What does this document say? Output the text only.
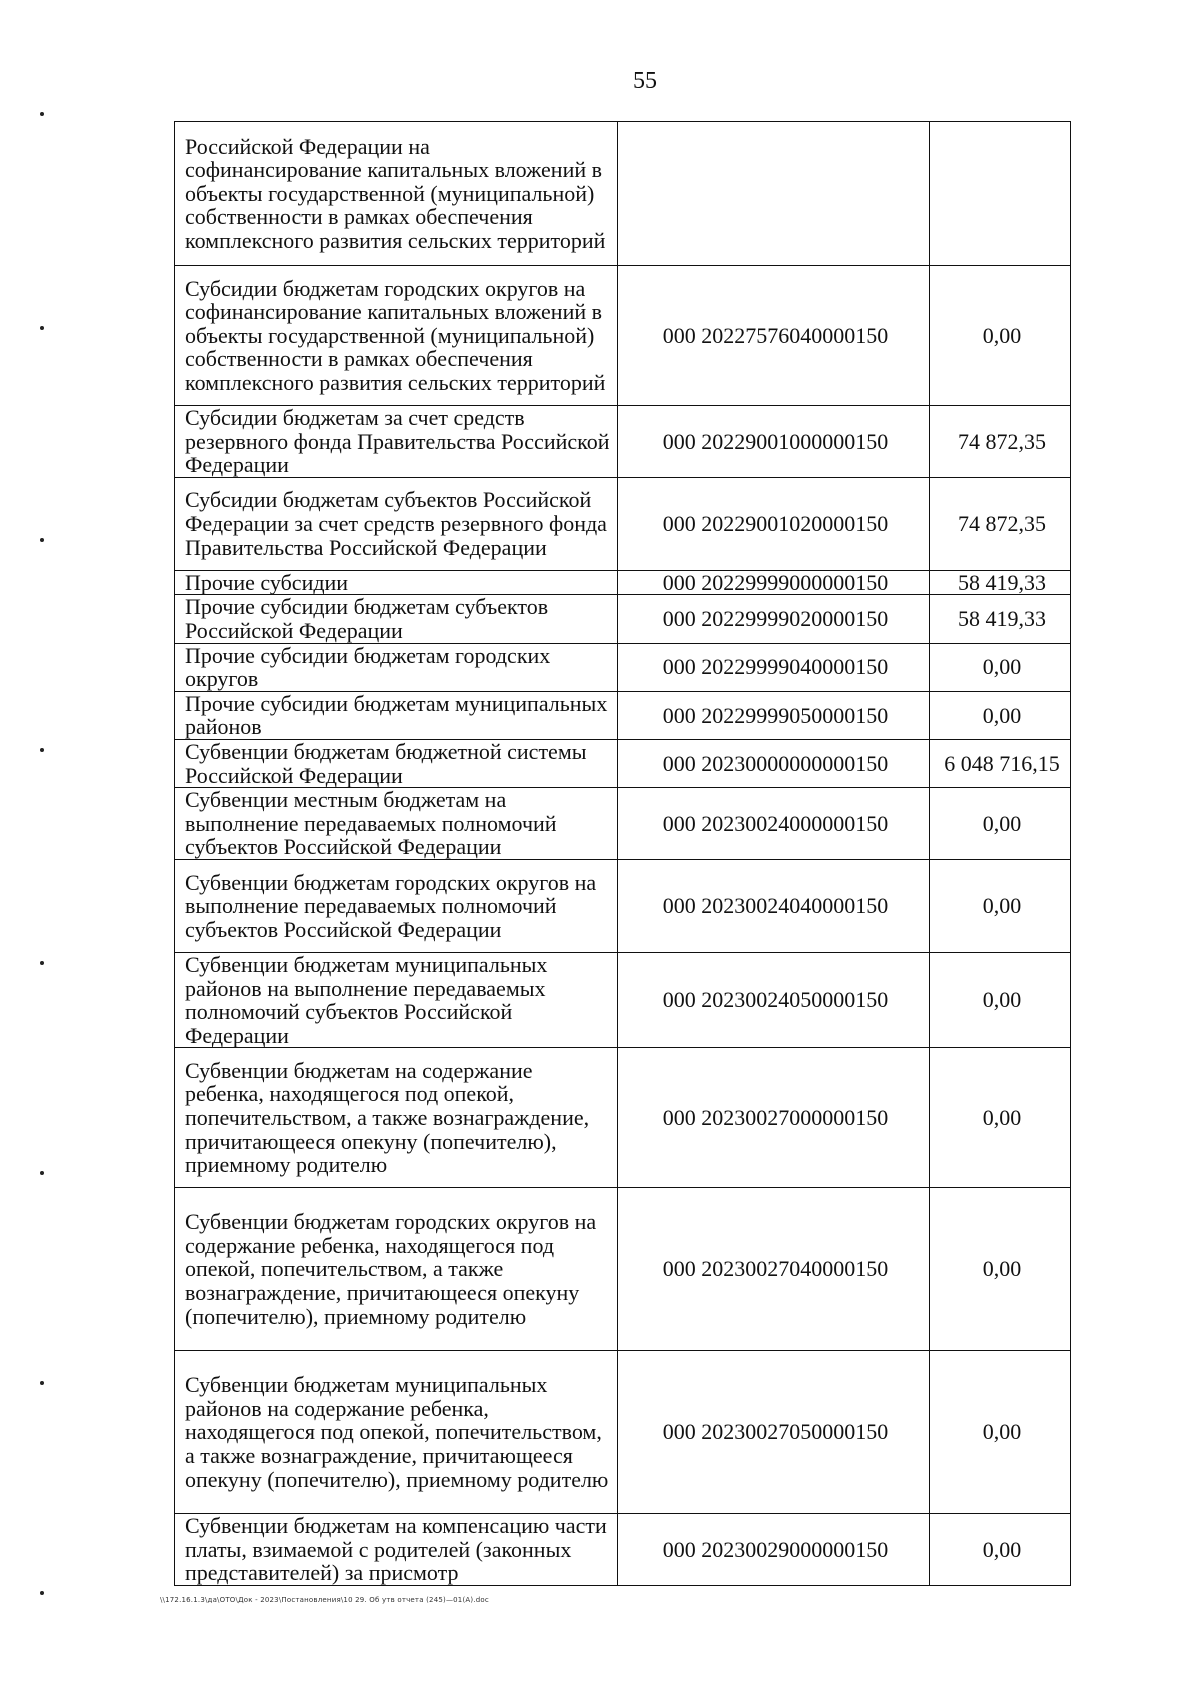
55
Российской Федерации на софинансирование капитальных вложений в объекты государственной (муниципальной) собственности в рамках обеспечения комплексного развития сельских территорий		
Субсидии бюджетам городских округов на софинансирование капитальных вложений в объекты государственной (муниципальной) собственности в рамках обеспечения комплексного развития сельских территорий	000 20227576040000150	0,00
Субсидии бюджетам за счет средств резервного фонда Правительства Российской Федерации	000 20229001000000150	74 872,35
Субсидии бюджетам субъектов Российской Федерации за счет средств резервного фонда Правительства Российской Федерации	000 20229001020000150	74 872,35
Прочие субсидии	000 20229999000000150	58 419,33
Прочие субсидии бюджетам субъектов Российской Федерации	000 20229999020000150	58 419,33
Прочие субсидии бюджетам городских округов	000 20229999040000150	0,00
Прочие субсидии бюджетам муниципальных районов	000 20229999050000150	0,00
Субвенции бюджетам бюджетной системы Российской Федерации	000 20230000000000150	6 048 716,15
Субвенции местным бюджетам на выполнение передаваемых полномочий субъектов Российской Федерации	000 20230024000000150	0,00
Субвенции бюджетам городских округов на выполнение передаваемых полномочий субъектов Российской Федерации	000 20230024040000150	0,00
Субвенции бюджетам муниципальных районов на выполнение передаваемых полномочий субъектов Российской Федерации	000 20230024050000150	0,00
Субвенции бюджетам на содержание ребенка, находящегося под опекой, попечительством, а также вознаграждение, причитающееся опекуну (попечителю), приемному родителю	000 20230027000000150	0,00
Субвенции бюджетам городских округов на содержание ребенка, находящегося под опекой, попечительством, а также вознаграждение, причитающееся опекуну (попечителю), приемному родителю	000 20230027040000150	0,00
Субвенции бюджетам муниципальных районов на содержание ребенка, находящегося под опекой, попечительством, а также вознаграждение, причитающееся опекуну (попечителю), приемному родителю	000 20230027050000150	0,00
Субвенции бюджетам на компенсацию части платы, взимаемой с родителей (законных представителей) за присмотр	000 20230029000000150	0,00
\\172.16.1.3\да\ОТО\Док - 2023\Постановления\10 29. Об утв отчета (245)—01(А).doc
